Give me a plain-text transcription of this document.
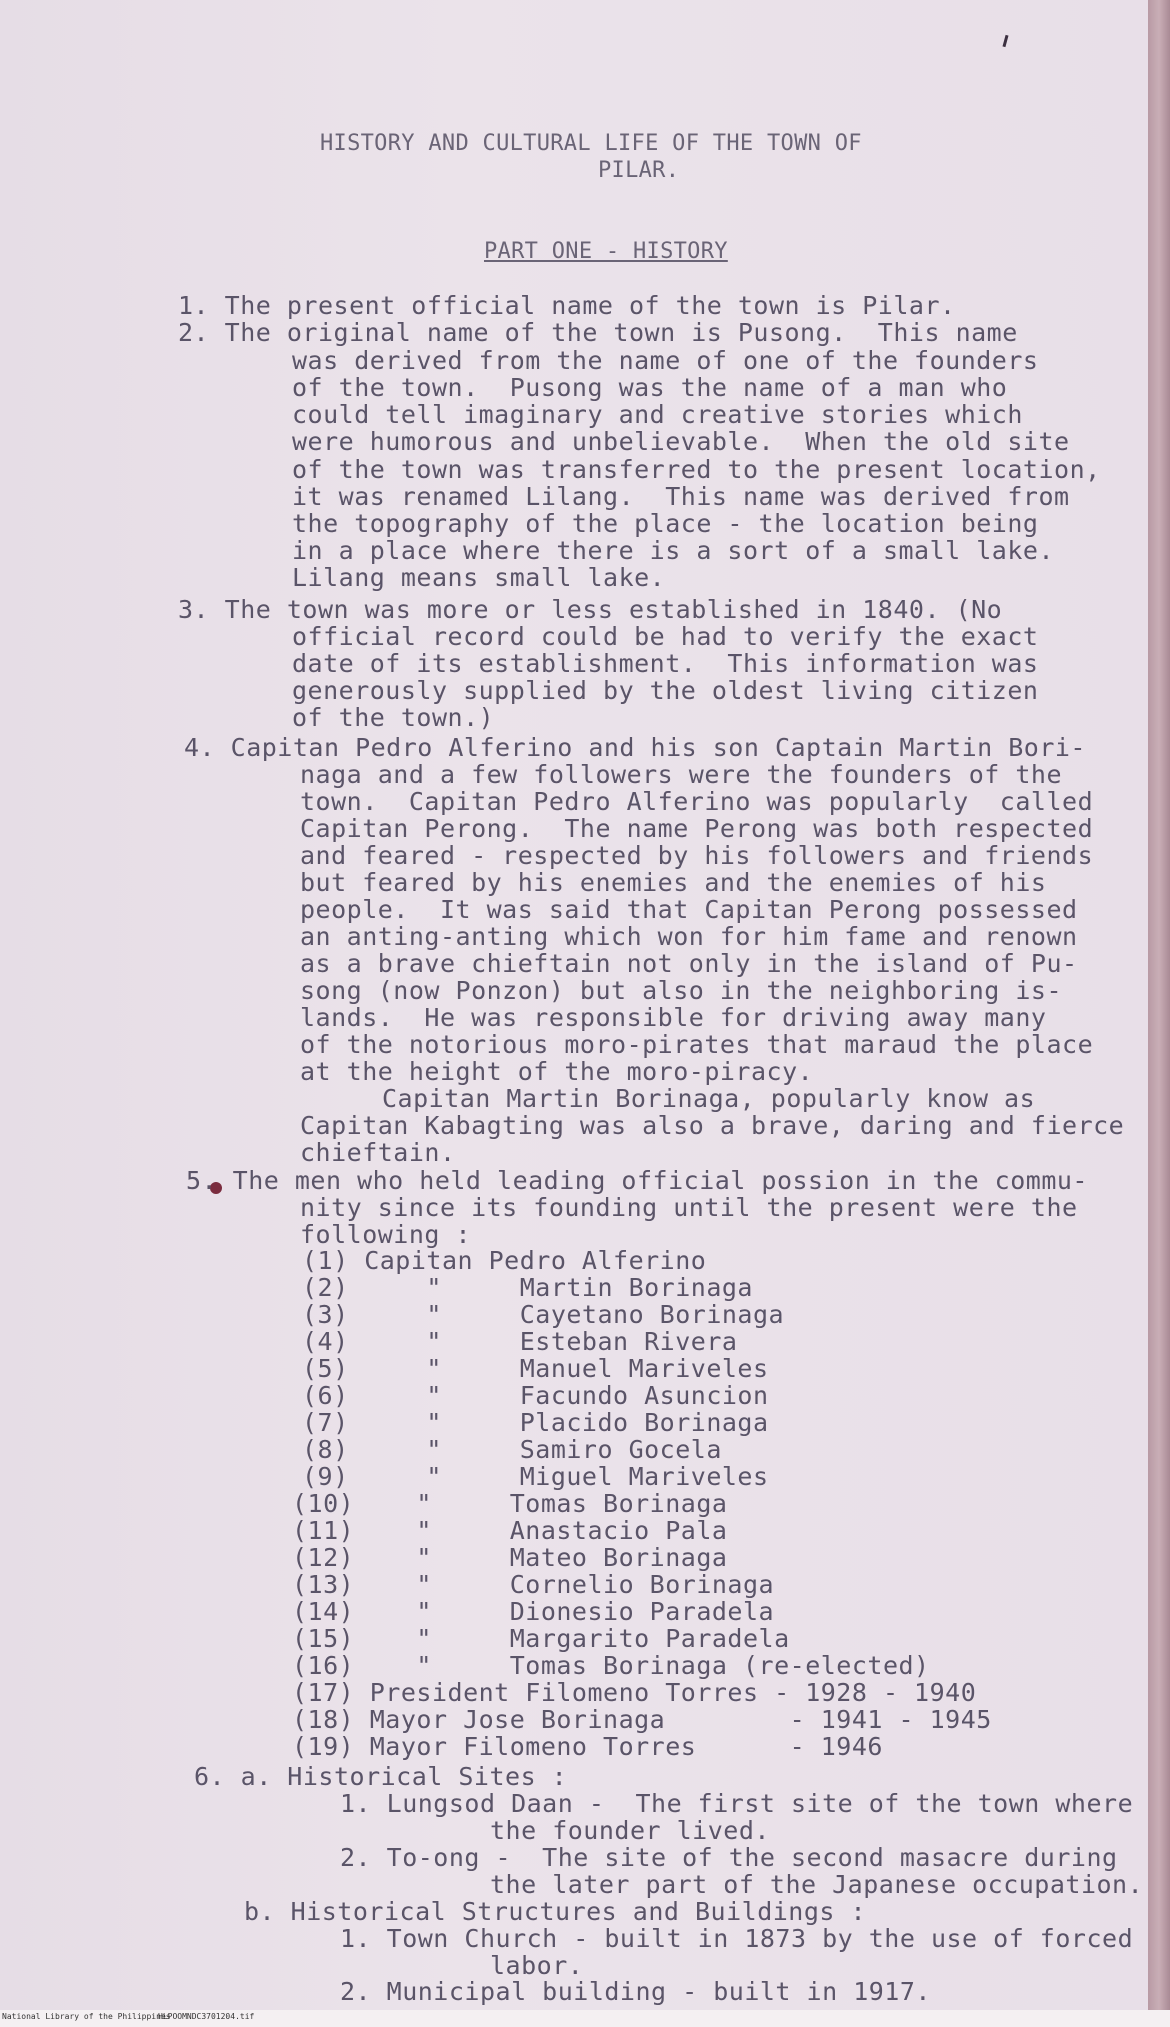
HISTORY AND CULTURAL LIFE OF THE TOWN OF
PILAR.
PART ONE - HISTORY
1. The present official name of the town is Pilar.
2. The original name of the town is Pusong.  This name
was derived from the name of one of the founders
of the town.  Pusong was the name of a man who
could tell imaginary and creative stories which
were humorous and unbelievable.  When the old site
of the town was transferred to the present location,
it was renamed Lilang.  This name was derived from
the topography of the place - the location being
in a place where there is a sort of a small lake.
Lilang means small lake.
3. The town was more or less established in 1840. (No
official record could be had to verify the exact
date of its establishment.  This information was
generously supplied by the oldest living citizen
of the town.)
4. Capitan Pedro Alferino and his son Captain Martin Bori-
naga and a few followers were the founders of the
town.  Capitan Pedro Alferino was popularly  called
Capitan Perong.  The name Perong was both respected
and feared - respected by his followers and friends
but feared by his enemies and the enemies of his
people.  It was said that Capitan Perong possessed
an anting-anting which won for him fame and renown
as a brave chieftain not only in the island of Pu-
song (now Ponzon) but also in the neighboring is-
lands.  He was responsible for driving away many
of the notorious moro-pirates that maraud the place
at the height of the moro-piracy.
Capitan Martin Borinaga, popularly know as
Capitan Kabagting was also a brave, daring and fierce
chieftain.
5. The men who held leading official possion in the commu-
nity since its founding until the present were the
following :
(1) Capitan Pedro Alferino
(2)     "     Martin Borinaga
(3)     "     Cayetano Borinaga
(4)     "     Esteban Rivera
(5)     "     Manuel Mariveles
(6)     "     Facundo Asuncion
(7)     "     Placido Borinaga
(8)     "     Samiro Gocela
(9)     "     Miguel Mariveles
(10)    "     Tomas Borinaga
(11)    "     Anastacio Pala
(12)    "     Mateo Borinaga
(13)    "     Cornelio Borinaga
(14)    "     Dionesio Paradela
(15)    "     Margarito Paradela
(16)    "     Tomas Borinaga (re-elected)
(17) President Filomeno Torres - 1928 - 1940
(18) Mayor Jose Borinaga        - 1941 - 1945
(19) Mayor Filomeno Torres      - 1946
6. a. Historical Sites :
1. Lungsod Daan -  The first site of the town where
the founder lived.
2. To-ong -  The site of the second masacre during
the later part of the Japanese occupation.
b. Historical Structures and Buildings :
1. Town Church - built in 1873 by the use of forced
labor.
2. Municipal building - built in 1917.
National Library of the Philippines
HLPOOMNDC3701204.tif
